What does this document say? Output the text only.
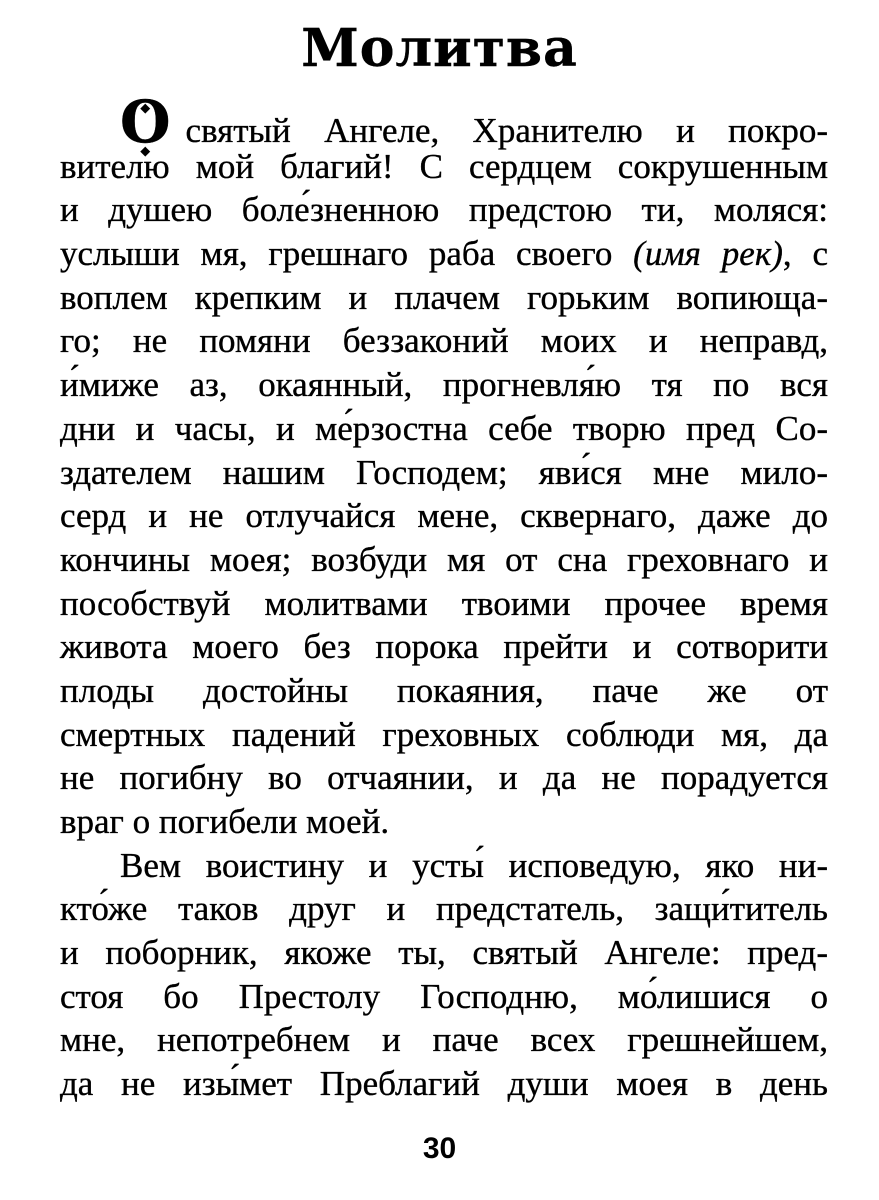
Молитва
◆ О ◆святый Ангеле, Хранителю и покро-
вителю мой благий! С сердцем сокрушенным
и душею боле́зненною предстою ти, моляся:
услыши мя, грешнаго раба своего (имя рек), с
воплем крепким и плачем горьким вопиюща-
го; не помяни беззаконий моих и неправд,
и́миже аз, окаянный, прогневля́ю тя по вся
дни и часы, и ме́рзостна себе творю пред Со-
здателем нашим Господем; яви́ся мне мило-
серд и не отлучайся мене, сквернаго, даже до
кончины моея; возбуди мя от сна греховнаго и
пособствуй молитвами твоими прочее время
живота моего без порока прейти и сотворити
плоды достойны покаяния, паче же от
смертных падений греховных соблюди мя, да
не погибну во отчаянии, и да не порадуется
враг о погибели моей.
Вем воистину и усты́ исповедую, яко ни-
кто́же таков друг и предстатель, защи́титель
и поборник, якоже ты, святый Ангеле: пред-
стоя бо Престолу Господню, мо́лишися о
мне, непотребнем и паче всех грешнейшем,
да не изы́мет Преблагий души моея в день
30
